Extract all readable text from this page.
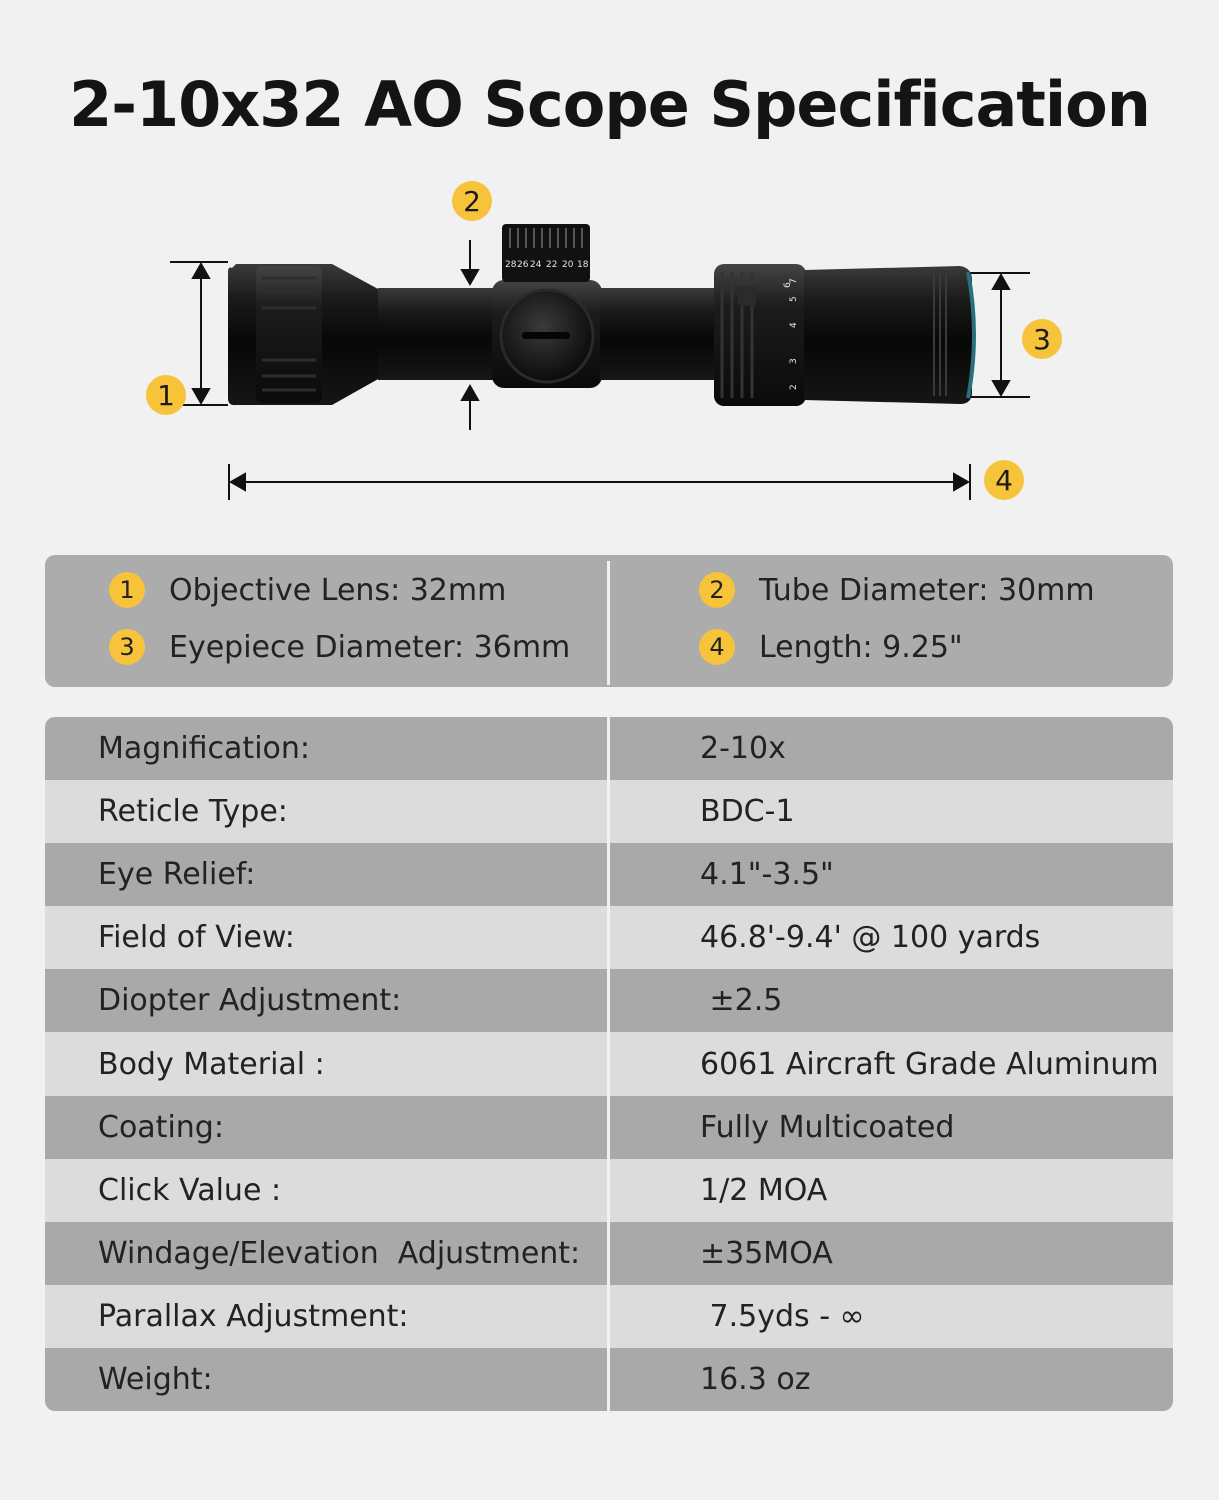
2-10x32 AO Scope Specification
28 26 24 22 20 18
7
6
5
4
3
2
1
2
3
4
1	Objective Lens: 32mm	2	Tube Diameter: 30mm
3	Eyepiece Diameter: 36mm	4	Length: 9.25"
Magnification:	2-10x
Reticle Type:	BDC-1
Eye Relief:	4.1"-3.5"
Field of View:	46.8'-9.4' @ 100 yards
Diopter Adjustment:	±2.5
Body Material :	6061 Aircraft Grade Aluminum
Coating:	Fully Multicoated
Click Value :	1/2 MOA
Windage/Elevation  Adjustment:	±35MOA
Parallax Adjustment:	7.5yds - ∞
Weight:	16.3 oz
